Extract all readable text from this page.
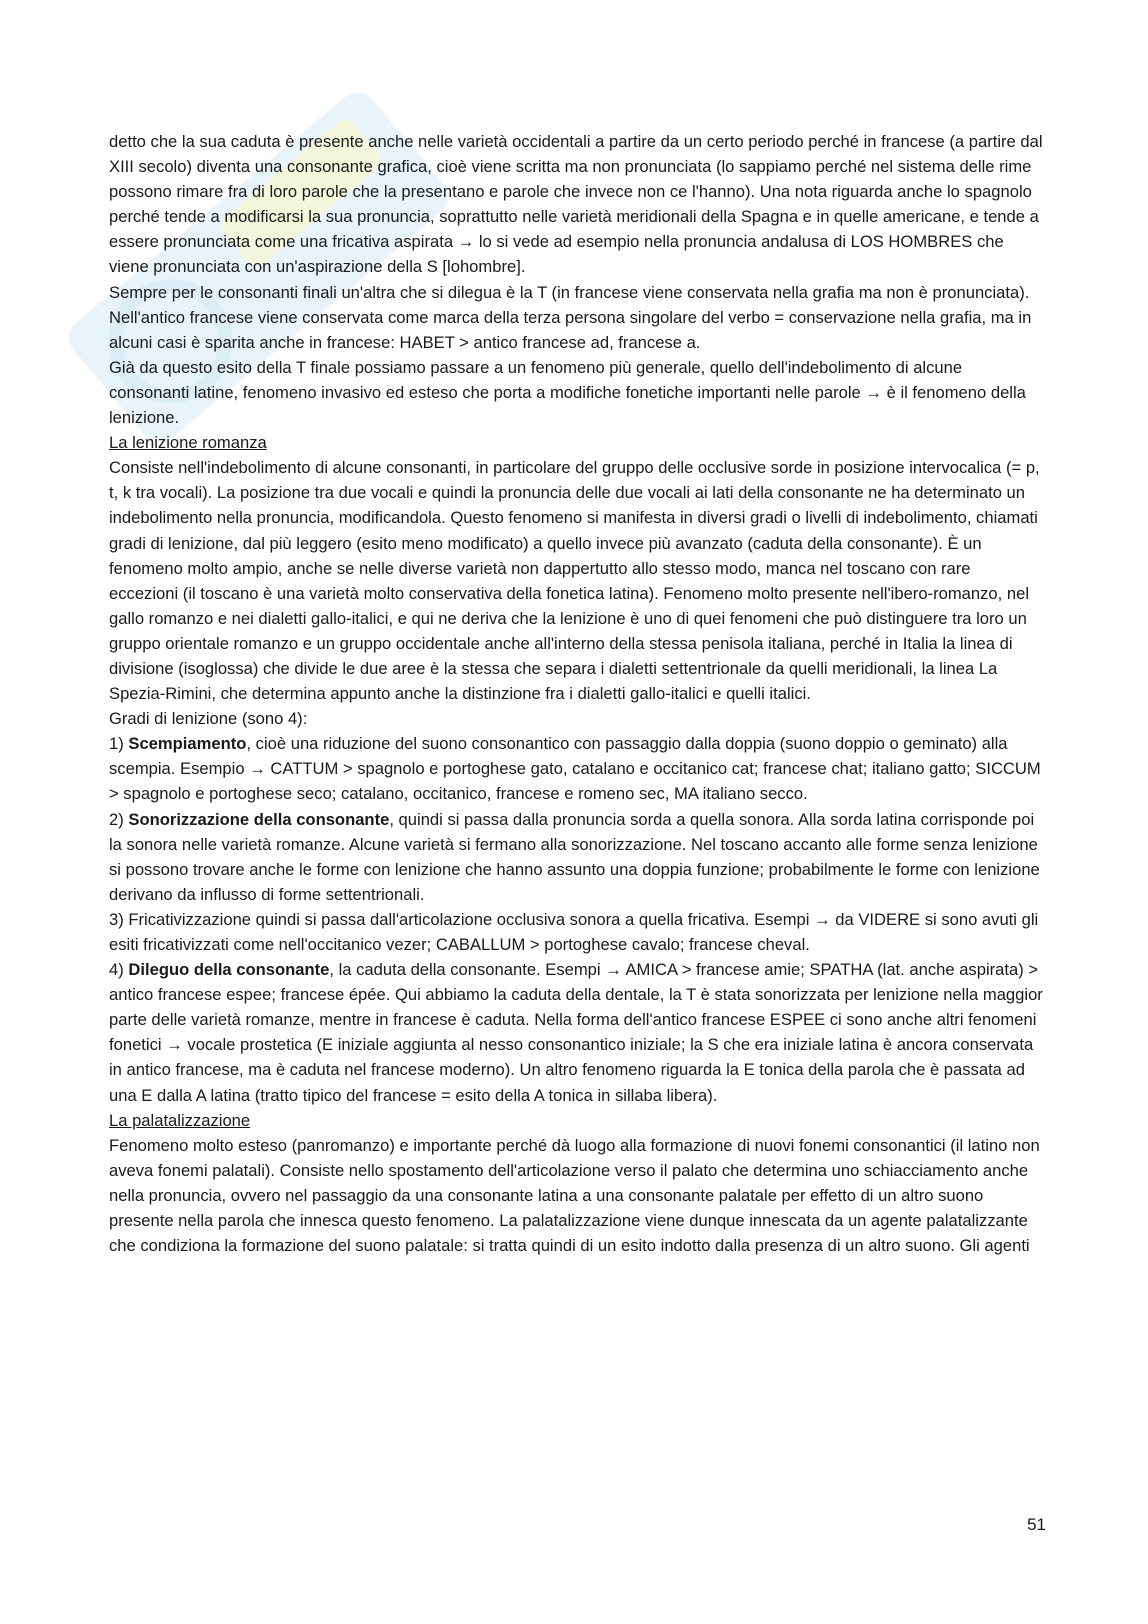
detto che la sua caduta è presente anche nelle varietà occidentali a partire da un certo periodo perché in francese (a partire dal XIII secolo) diventa una consonante grafica, cioè viene scritta ma non pronunciata (lo sappiamo perché nel sistema delle rime possono rimare fra di loro parole che la presentano e parole che invece non ce l'hanno). Una nota riguarda anche lo spagnolo perché tende a modificarsi la sua pronuncia, soprattutto nelle varietà meridionali della Spagna e in quelle americane, e tende a essere pronunciata come una fricativa aspirata → lo si vede ad esempio nella pronuncia andalusa di LOS HOMBRES che viene pronunciata con un'aspirazione della S [lohombre].

Sempre per le consonanti finali un'altra che si dilegua è la T (in francese viene conservata nella grafia ma non è pronunciata). Nell'antico francese viene conservata come marca della terza persona singolare del verbo = conservazione nella grafia, ma in alcuni casi è sparita anche in francese: HABET > antico francese ad, francese a.

Già da questo esito della T finale possiamo passare a un fenomeno più generale, quello dell'indebolimento di alcune consonanti latine, fenomeno invasivo ed esteso che porta a modifiche fonetiche importanti nelle parole → è il fenomeno della lenizione.

La lenizione romanza

Consiste nell'indebolimento di alcune consonanti, in particolare del gruppo delle occlusive sorde in posizione intervocalica (= p, t, k tra vocali). La posizione tra due vocali e quindi la pronuncia delle due vocali ai lati della consonante ne ha determinato un indebolimento nella pronuncia, modificandola. Questo fenomeno si manifesta in diversi gradi o livelli di indebolimento, chiamati gradi di lenizione, dal più leggero (esito meno modificato) a quello invece più avanzato (caduta della consonante). È un fenomeno molto ampio, anche se nelle diverse varietà non dappertutto allo stesso modo, manca nel toscano con rare eccezioni (il toscano è una varietà molto conservativa della fonetica latina). Fenomeno molto presente nell'ibero-romanzo, nel gallo romanzo e nei dialetti gallo-italici, e qui ne deriva che la lenizione è uno di quei fenomeni che può distinguere tra loro un gruppo orientale romanzo e un gruppo occidentale anche all'interno della stessa penisola italiana, perché in Italia la linea di divisione (isoglossa) che divide le due aree è la stessa che separa i dialetti settentrionale da quelli meridionali, la linea La Spezia-Rimini, che determina appunto anche la distinzione fra i dialetti gallo-italici e quelli italici.

Gradi di lenizione (sono 4):

1) Scempiamento, cioè una riduzione del suono consonantico con passaggio dalla doppia (suono doppio o geminato) alla scempia. Esempio → CATTUM > spagnolo e portoghese gato, catalano e occitanico cat; francese chat; italiano gatto; SICCUM > spagnolo e portoghese seco; catalano, occitanico, francese e romeno sec, MA italiano secco.

2) Sonorizzazione della consonante, quindi si passa dalla pronuncia sorda a quella sonora. Alla sorda latina corrisponde poi la sonora nelle varietà romanze. Alcune varietà si fermano alla sonorizzazione. Nel toscano accanto alle forme senza lenizione si possono trovare anche le forme con lenizione che hanno assunto una doppia funzione; probabilmente le forme con lenizione derivano da influsso di forme settentrionali.

3) Fricativizzazione quindi si passa dall'articolazione occlusiva sonora a quella fricativa. Esempi → da VIDERE si sono avuti gli esiti fricativizzati come nell'occitanico vezer; CABALLUM > portoghese cavalo; francese cheval.

4) Dileguo della consonante, la caduta della consonante. Esempi → AMICA > francese amie; SPATHA (lat. anche aspirata) > antico francese espee; francese épée. Qui abbiamo la caduta della dentale, la T è stata sonorizzata per lenizione nella maggior parte delle varietà romanze, mentre in francese è caduta. Nella forma dell'antico francese ESPEE ci sono anche altri fenomeni fonetici → vocale prostetica (E iniziale aggiunta al nesso consonantico iniziale; la S che era iniziale latina è ancora conservata in antico francese, ma è caduta nel francese moderno). Un altro fenomeno riguarda la E tonica della parola che è passata ad una E dalla A latina (tratto tipico del francese = esito della A tonica in sillaba libera).

La palatalizzazione

Fenomeno molto esteso (panromanzo) e importante perché dà luogo alla formazione di nuovi fonemi consonantici (il latino non aveva fonemi palatali). Consiste nello spostamento dell'articolazione verso il palato che determina uno schiacciamento anche nella pronuncia, ovvero nel passaggio da una consonante latina a una consonante palatale per effetto di un altro suono presente nella parola che innesca questo fenomeno. La palatalizzazione viene dunque innescata da un agente palatalizzante che condiziona la formazione del suono palatale: si tratta quindi di un esito indotto dalla presenza di un altro suono. Gli agenti

51
